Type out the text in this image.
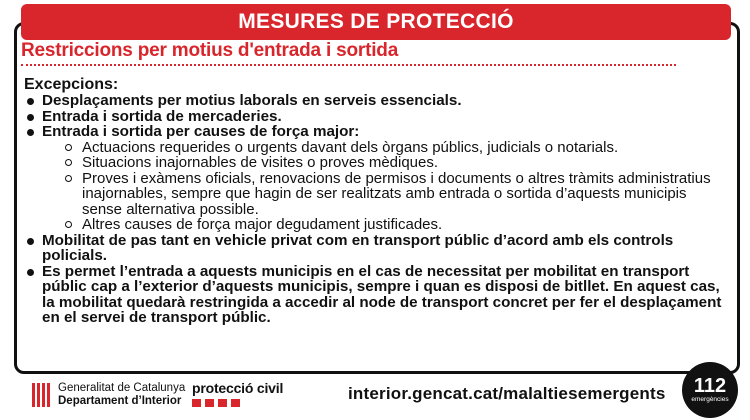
MESURES DE PROTECCIÓ
Restriccions per motius d'entrada i sortida

Excepcions:

Desplaçaments per motius laborals en serveis essencials.
Entrada i sortida de mercaderies.
Entrada i sortida per causes de força major:
Actuacions requerides o urgents davant dels òrgans públics, judicials o notarials.
Situacions inajornables de visites o proves mèdiques.
Proves i exàmens oficials, renovacions de permisos i documents o altres tràmits administratius inajornables, sempre que hagin de ser realitzats amb entrada o sortida d’aquests municipis sense alternativa possible.
Altres causes de força major degudament justificades.
Mobilitat de pas tant en vehicle privat com en transport públic d’acord amb els controls policials.
Es permet l’entrada a aquests municipis en el cas de necessitat per mobilitat en transport públic cap a l’exterior d’aquests municipis, sempre i quan es disposi de bitllet. En aquest cas, la mobilitat quedarà restringida a accedir al node de transport concret per fer el desplaçament en el servei de transport públic.
Generalitat de Catalunya
Departament d’Interior
protecció civil	interior.gencat.cat/malaltiesemergents 112
emergències
